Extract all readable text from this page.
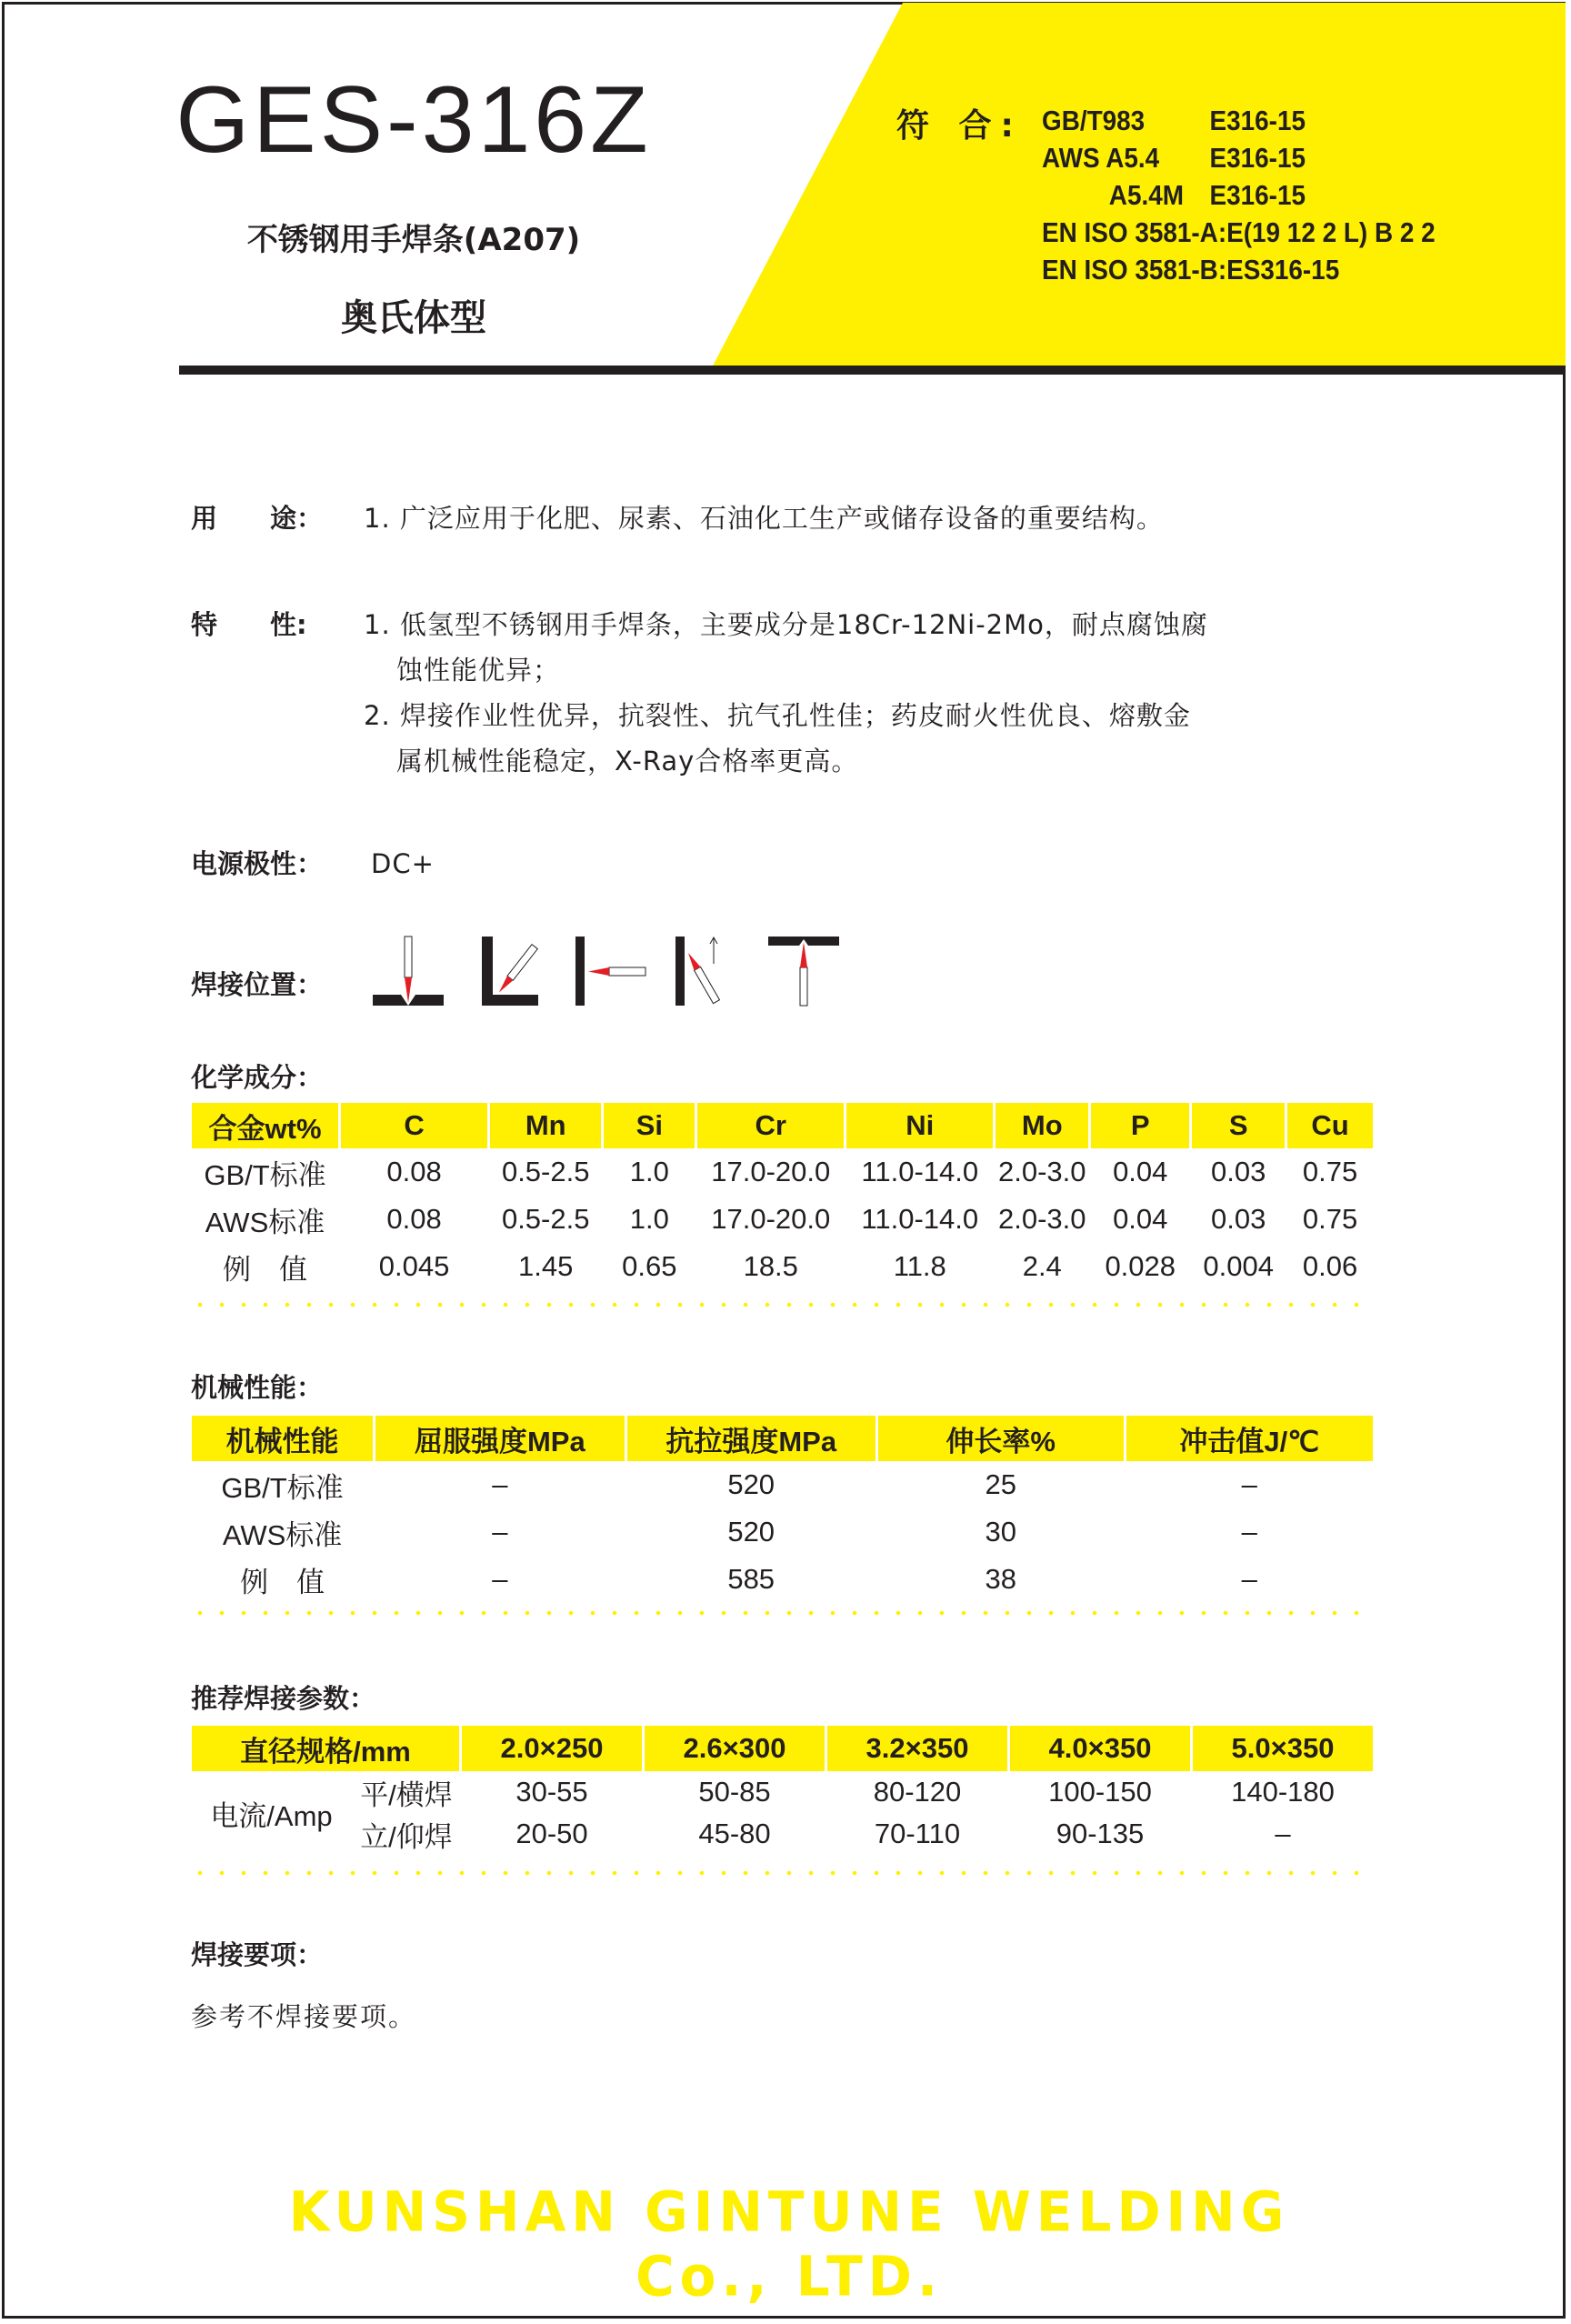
GES-316Z
不锈钢用手焊条(A207)
奥氏体型
符 合: GB/T983	E316-15
AWS A5.4	E316-15
A5.4M E316-15
EN ISO 3581-A:E(19 12 2 L) B 2 2
EN ISO 3581-B:ES316-15
用　　途：	1. 广泛应用于化肥、尿素、石油化工生产或储存设备的重要结构。
特　　性:	1. 低氢型不锈钢用手焊条，主要成分是18Cr-12Ni-2Mo，耐点腐蚀腐
蚀性能优异；
2. 焊接作业性优异，抗裂性、抗气孔性佳；药皮耐火性优良、熔敷金
属机械性能稳定，X-Ray合格率更高。
电源极性：	DC+
焊接位置：
化学成分：
合金wt%	C	Mn	Si	Cr	Ni	Mo	P	S	Cu
GB/T标准	0.08	0.5-2.5	1.0	17.0-20.0	11.0-14.0	2.0-3.0	0.04	0.03	0.75
AWS标准	0.08	0.5-2.5	1.0	17.0-20.0	11.0-14.0	2.0-3.0	0.04	0.03	0.75
例　值	0.045	1.45	0.65	18.5	11.8	2.4	0.028	0.004	0.06
机械性能：
机械性能	屈服强度MPa	抗拉强度MPa	伸长率%	冲击值J/℃
GB/T标准	–	520	25	–
AWS标准	–	520	30	–
例　值	–	585	38	–
推荐焊接参数：
直径规格/mm		2.0×250	2.6×300	3.2×350	4.0×350	5.0×350
电流/Amp	平/横焊	30-55	50-85	80-120	100-150	140-180
	立/仰焊	20-50	45-80	70-110	90-135	–
焊接要项：
参考不焊接要项。
KUNSHAN GINTUNE WELDING Co., LTD.
